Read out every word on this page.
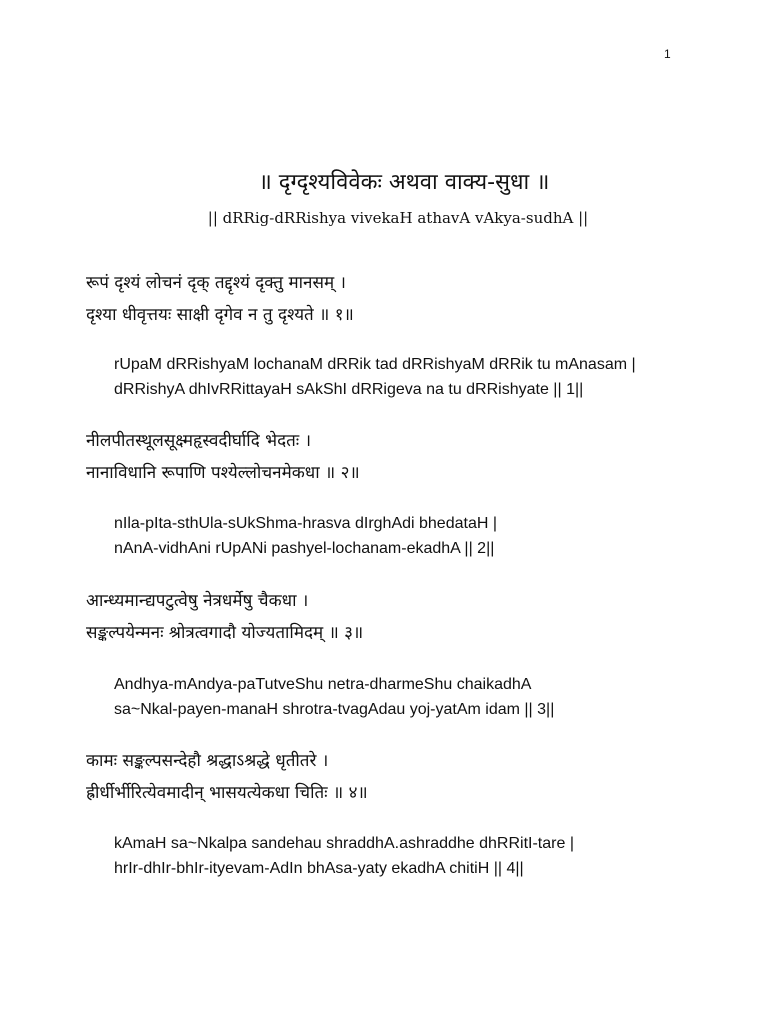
1
॥ दृग्दृश्यविवेकः अथवा वाक्य-सुधा ॥
|| dRRig-dRRishya vivekaH athavA vAkya-sudhA ||
रूपं दृश्यं लोचनं दृक् तद्दृश्यं दृक्तु मानसम् ।
दृश्या धीवृत्तयः साक्षी दृगेव न तु दृश्यते ॥ १॥
rUpaM dRRishyaM lochanaM dRRik tad dRRishyaM dRRik tu mAnasam |
dRRishyA dhIvRRittayaH sAkShI dRRigeva na tu dRRishyate || 1||
नीलपीतस्थूलसूक्ष्महृस्वदीर्घादि भेदतः ।
नानाविधानि रूपाणि पश्येल्लोचनमेकधा ॥ २॥
nIla-pIta-sthUla-sUkShma-hrasva dIrghAdi bhedataH |
nAnA-vidhAni rUpANi pashyel-lochanam-ekadhA || 2||
आन्ध्यमान्द्यपटुत्वेषु नेत्रधर्मेषु चैकधा ।
सङ्कल्पयेन्मनः श्रोत्रत्वगादौ योज्यतामिदम् ॥ ३॥
Andhya-mAndya-paTutveShu netra-dharmeShu chaikadhA
sa~Nkal-payen-manaH shrotra-tvagAdau yoj-yatAm idam || 3||
कामः सङ्कल्पसन्देहौ श्रद्धाऽश्रद्धे धृतीतरे ।
ह्रीर्धीर्भीरित्येवमादीन् भासयत्येकधा चितिः ॥ ४॥
kAmaH sa~Nkalpa sandehau shraddhA.ashraddhe dhRRitI-tare |
hrIr-dhIr-bhIr-ityevam-AdIn bhAsa-yaty ekadhA chitiH || 4||
